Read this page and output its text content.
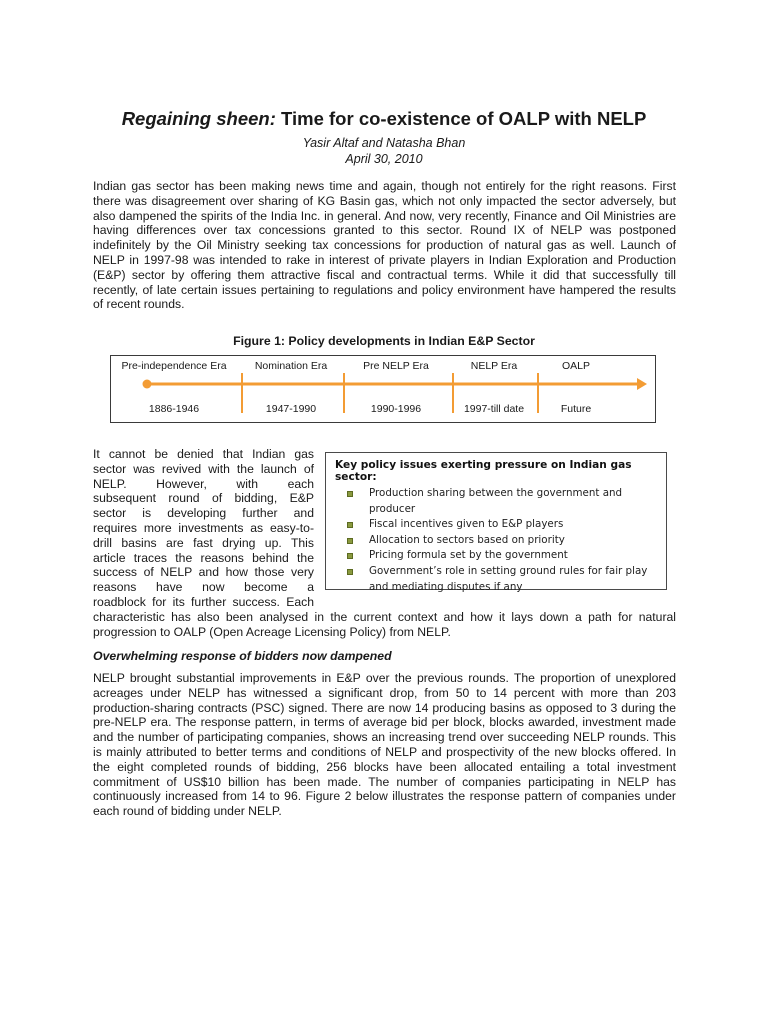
Regaining sheen: Time for co-existence of OALP with NELP

Yasir Altaf and Natasha Bhan

April 30, 2010

Indian gas sector has been making news time and again, though not entirely for the right reasons. First there was disagreement over sharing of KG Basin gas, which not only impacted the sector adversely, but also dampened the spirits of the India Inc. in general. And now, very recently, Finance and Oil Ministries are having differences over tax concessions granted to this sector. Round IX of NELP was postponed indefinitely by the Oil Ministry seeking tax concessions for production of natural gas as well. Launch of NELP in 1997-98 was intended to rake in interest of private players in Indian Exploration and Production (E&P) sector by offering them attractive fiscal and contractual terms. While it did that successfully till recently, of late certain issues pertaining to regulations and policy environment have hampered the results of recent rounds.

Figure 1: Policy developments in Indian E&P Sector

Pre-independence Era
1886-1946
Nomination Era
1947-1990
Pre NELP Era
1990-1996
NELP Era
1997-till date
OALP
Future
It cannot be denied that Indian gas
sector was revived with the launch of
NELP. However, with each
subsequent round of bidding, E&P
sector is developing further and
requires more investments as easy-to-
drill basins are fast drying up. This
article traces the reasons behind the
success of NELP and how those very
reasons have now become a
roadblock for its further success. Each
Key policy issues exerting pressure on Indian gas sector:
Production sharing between the government and producer
Fiscal incentives given to E&P players
Allocation to sectors based on priority
Pricing formula set by the government
Government’s role in setting ground rules for fair play and mediating disputes if any

characteristic has also been analysed in the current context and how it lays down a path for natural

progression to OALP (Open Acreage Licensing Policy) from NELP.

Overwhelming response of bidders now dampened

NELP brought substantial improvements in E&P over the previous rounds. The proportion of unexplored acreages under NELP has witnessed a significant drop, from 50 to 14 percent with more than 203 production-sharing contracts (PSC) signed. There are now 14 producing basins as opposed to 3 during the pre-NELP era. The response pattern, in terms of average bid per block, blocks awarded, investment made and the number of participating companies, shows an increasing trend over succeeding NELP rounds. This is mainly attributed to better terms and conditions of NELP and prospectivity of the new blocks offered. In the eight completed rounds of bidding, 256 blocks have been allocated entailing a total investment commitment of US$10 billion has been made. The number of companies participating in NELP has continuously increased from 14 to 96. Figure 2 below illustrates the response pattern of companies under each round of bidding under NELP.
